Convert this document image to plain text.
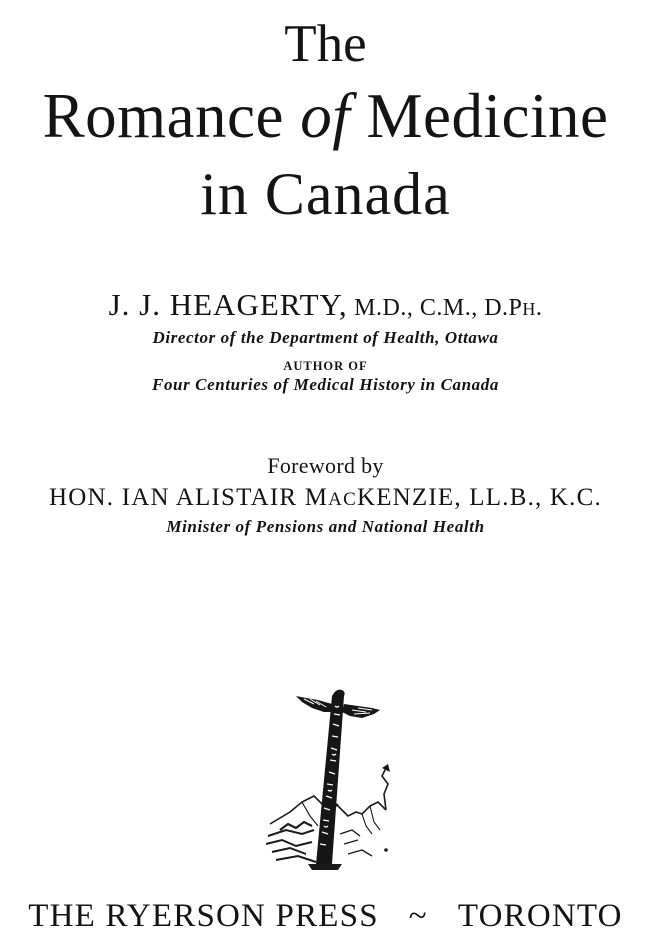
The
Romance of Medicine
in Canada
J. J. HEAGERTY, M.D., C.M., D.PH.
Director of the Department of Health, Ottawa
AUTHOR OF
Four Centuries of Medical History in Canada
Foreword by
HON. IAN ALISTAIR MACKENZIE, LL.B., K.C.
Minister of Pensions and National Health
THE RYERSON PRESS ~ TORONTO
